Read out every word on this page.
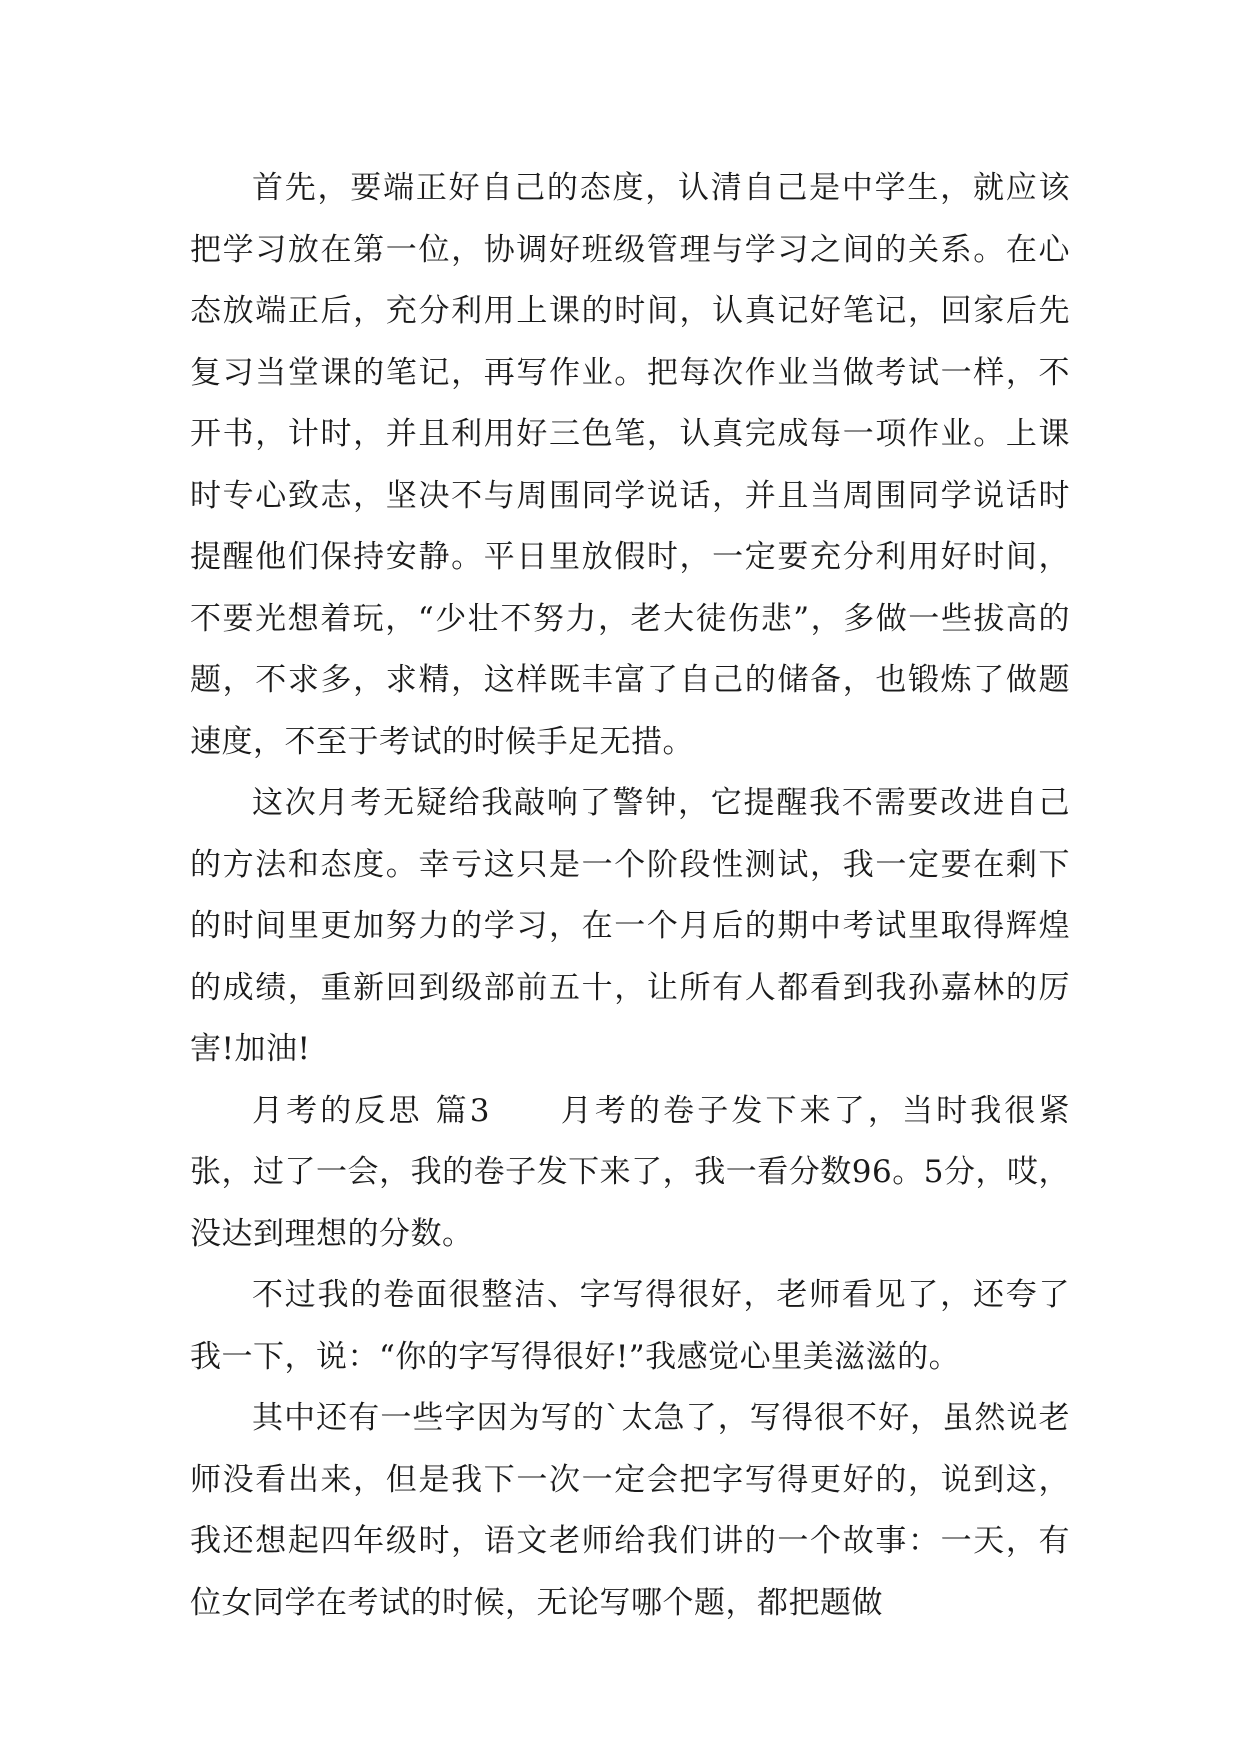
首先，要端正好自己的态度，认清自己是中学生，就应该把学习放在第一位，协调好班级管理与学习之间的关系。在心态放端正后，充分利用上课的时间，认真记好笔记，回家后先复习当堂课的笔记，再写作业。把每次作业当做考试一样，不开书，计时，并且利用好三色笔，认真完成每一项作业。上课时专心致志，坚决不与周围同学说话，并且当周围同学说话时提醒他们保持安静。平日里放假时，一定要充分利用好时间，不要光想着玩，“少壮不努力，老大徒伤悲”，多做一些拔高的题，不求多，求精，这样既丰富了自己的储备，也锻炼了做题速度，不至于考试的时候手足无措。

这次月考无疑给我敲响了警钟，它提醒我不需要改进自己的方法和态度。幸亏这只是一个阶段性测试，我一定要在剩下的时间里更加努力的学习，在一个月后的期中考试里取得辉煌的成绩，重新回到级部前五十，让所有人都看到我孙嘉林的厉害!加油!

月考的反思 篇3　　月考的卷子发下来了，当时我很紧张，过了一会，我的卷子发下来了，我一看分数96。5分，哎，没达到理想的分数。

不过我的卷面很整洁、字写得很好，老师看见了，还夸了我一下，说：“你的字写得很好!”我感觉心里美滋滋的。

其中还有一些字因为写的`太急了，写得很不好，虽然说老师没看出来，但是我下一次一定会把字写得更好的，说到这，我还想起四年级时，语文老师给我们讲的一个故事：一天，有位女同学在考试的时候，无论写哪个题，都把题做
